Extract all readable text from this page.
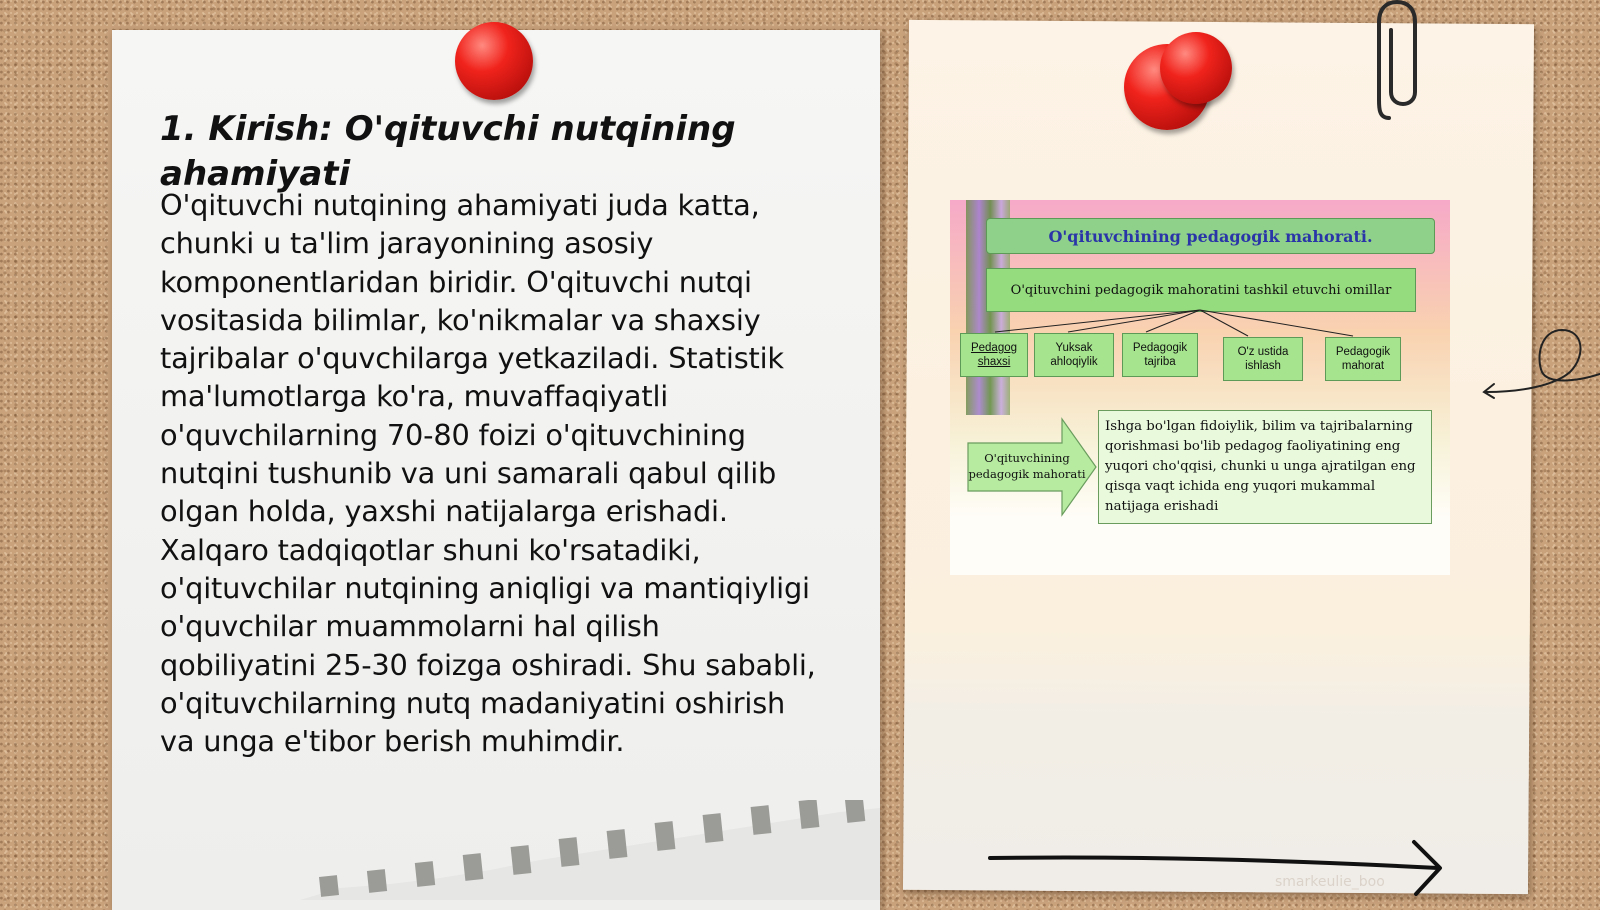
1. Kirish: O'qituvchi nutqining ahamiyati

O'qituvchi nutqining ahamiyati juda katta, chunki u ta'lim jarayonining asosiy komponentlaridan biridir. O'qituvchi nutqi vositasida bilimlar, ko'nikmalar va shaxsiy tajribalar o'quvchilarga yetkaziladi. Statistik ma'lumotlarga ko'ra, muvaffaqiyatli o'quvchilarning 70-80 foizi o'qituvchining nutqini tushunib va uni samarali qabul qilib olgan holda, yaxshi natijalarga erishadi. Xalqaro tadqiqotlar shuni ko'rsatadiki, o'qituvchilar nutqining aniqligi va mantiqiyligi o'quvchilar muammolarni hal qilish qobiliyatini 25-30 foizga oshiradi. Shu sababli, o'qituvchilarning nutq madaniyatini oshirish va unga e'tibor berish muhimdir.

O'qituvchining pedagogik mahorati.
O'qituvchini pedagogik mahoratini tashkil etuvchi omillar
Pedagog shaxsi
Yuksak ahloqiylik
Pedagogik tajriba
O'z ustida ishlash
Pedagogik mahorat
O'qituvchining pedagogik mahorati
Ishga bo'lgan fidoiylik, bilim va tajribalarning qorishmasi bo'lib pedagog faoliyatining eng yuqori cho'qqisi, chunki u unga ajratilgan eng qisqa vaqt ichida eng yuqori mukammal natijaga erishadi
smarkeulie_boo
